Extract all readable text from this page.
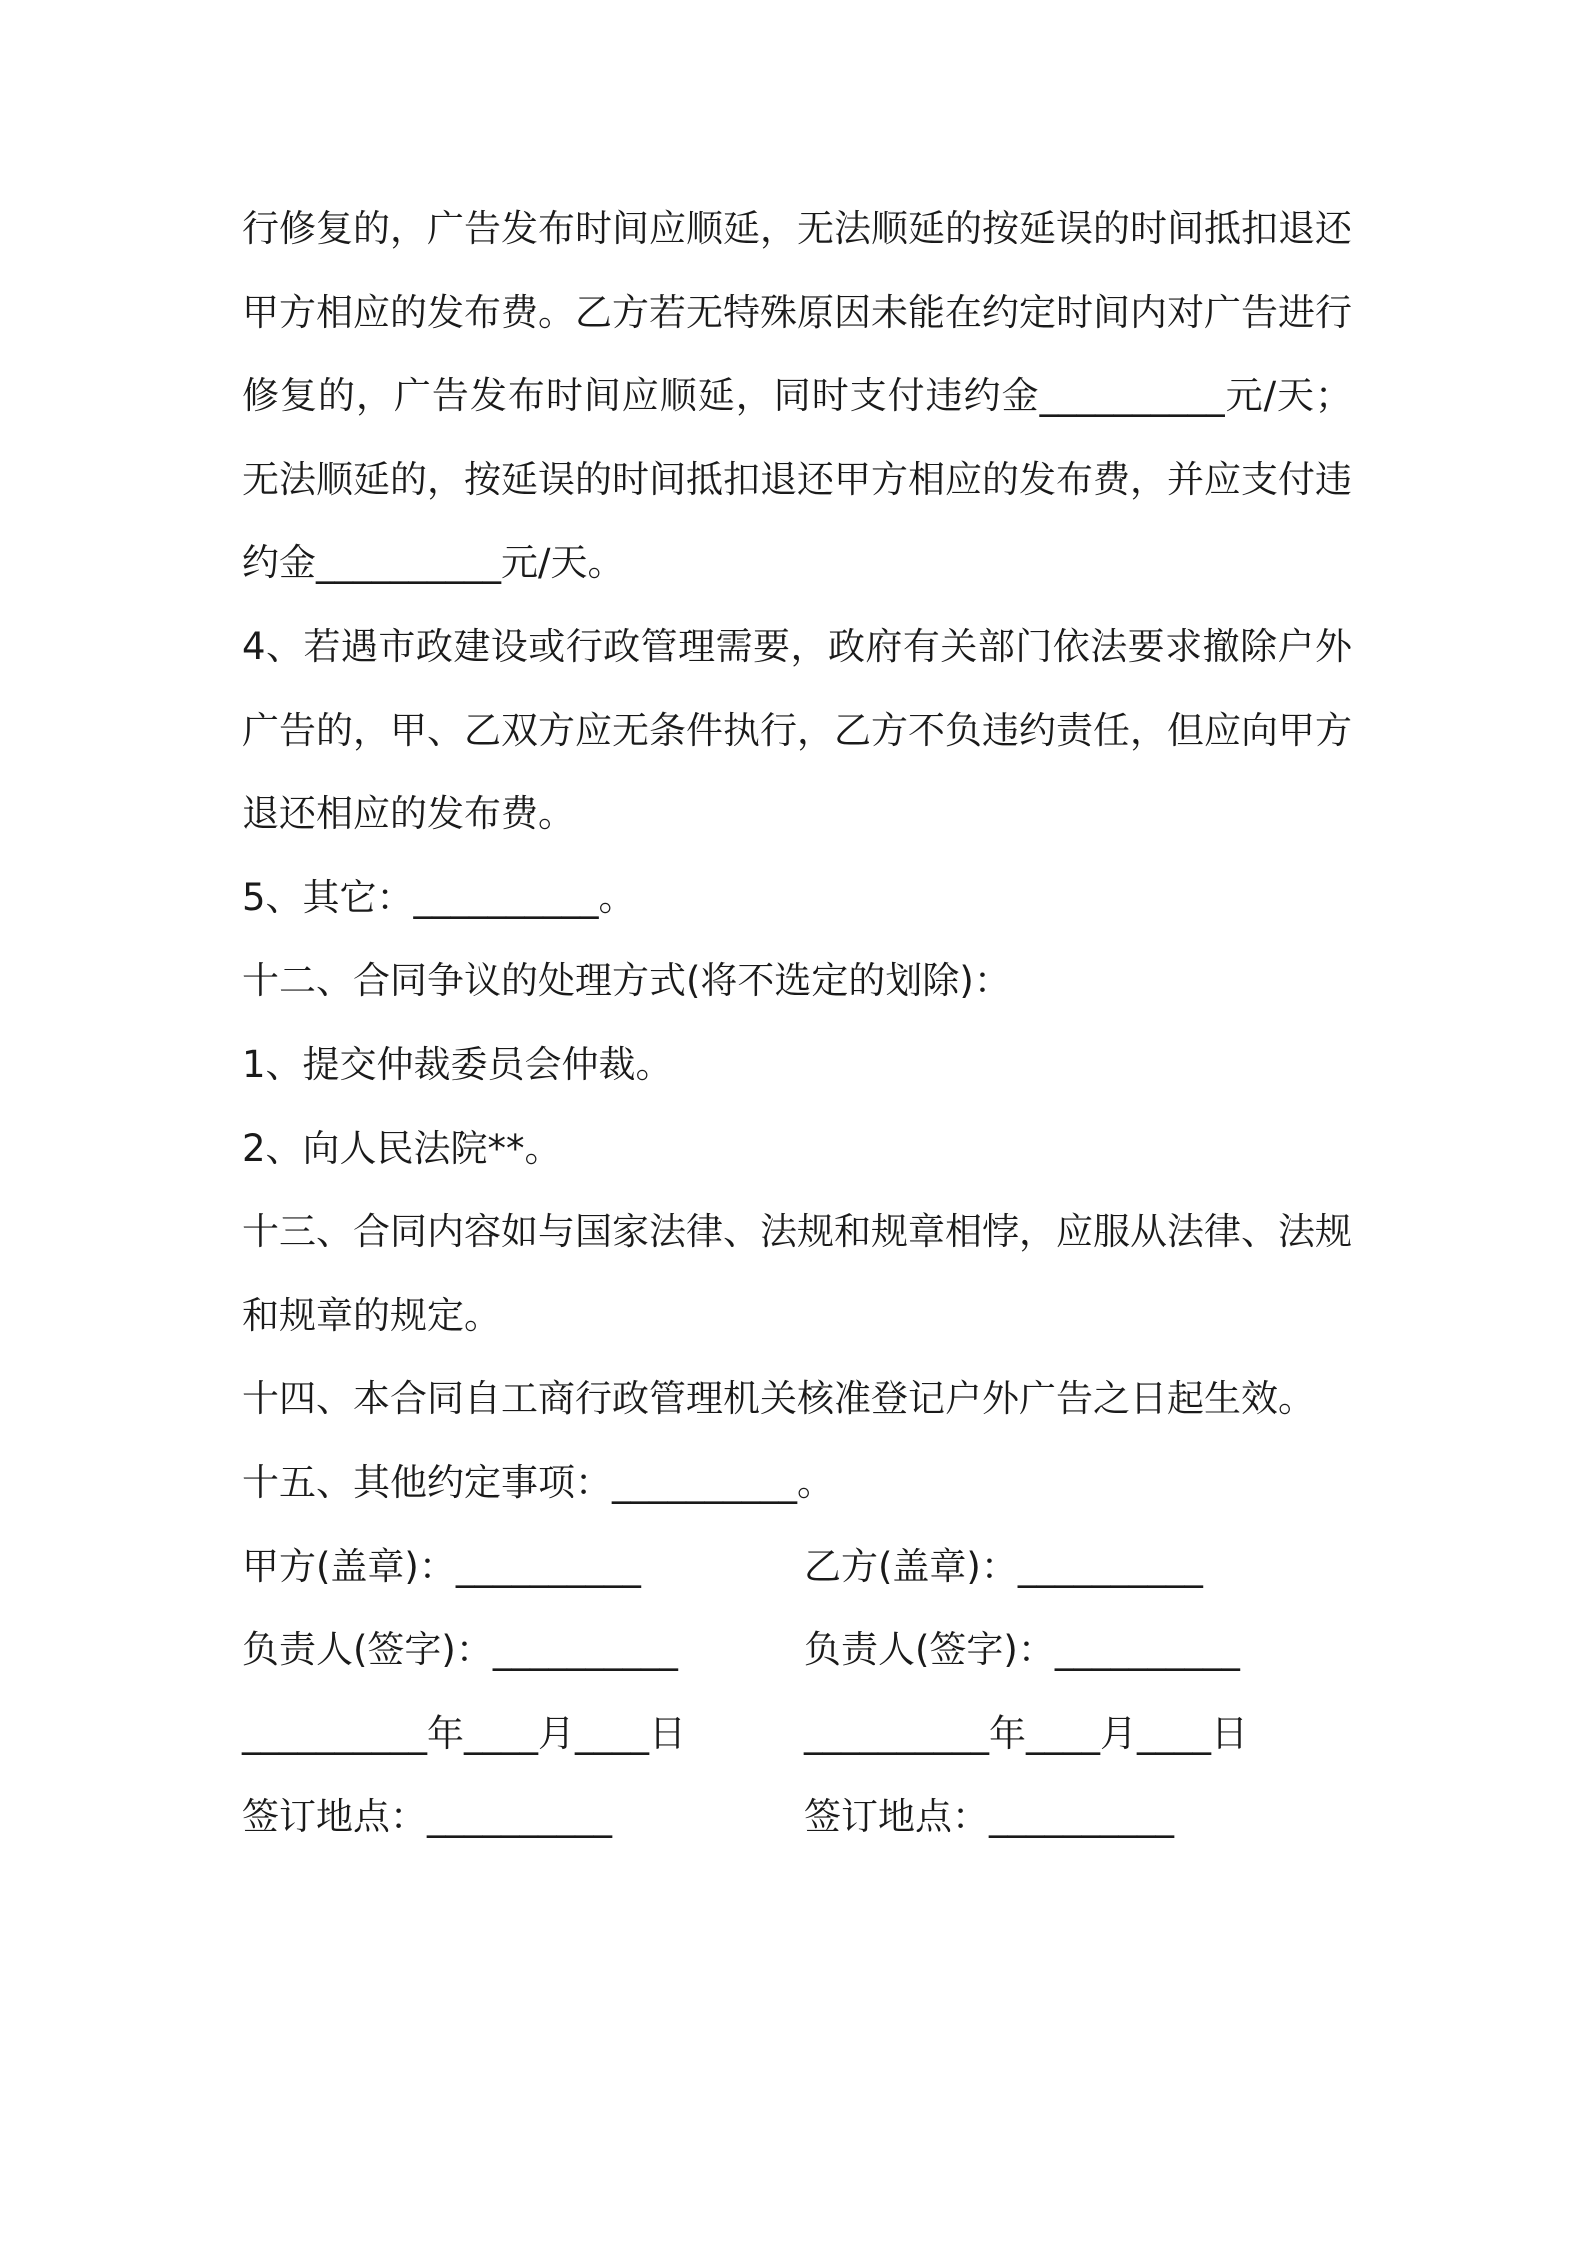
行修复的，广告发布时间应顺延，无法顺延的按延误的时间抵扣退还
甲方相应的发布费。乙方若无特殊原因未能在约定时间内对广告进行
修复的，广告发布时间应顺延，同时支付违约金__________元/天；
无法顺延的，按延误的时间抵扣退还甲方相应的发布费，并应支付违
约金__________元/天。
4、若遇市政建设或行政管理需要，政府有关部门依法要求撤除户外
广告的，甲、乙双方应无条件执行，乙方不负违约责任，但应向甲方
退还相应的发布费。
5、其它：__________。
十二、合同争议的处理方式(将不选定的划除)：
1、提交仲裁委员会仲裁。
2、向人民法院**。
十三、合同内容如与国家法律、法规和规章相悖，应服从法律、法规
和规章的规定。
十四、本合同自工商行政管理机关核准登记户外广告之日起生效。
十五、其他约定事项：__________。
甲方(盖章)：__________	乙方(盖章)：__________
负责人(签字)：__________	负责人(签字)：__________
__________年____月____日	__________年____月____日
签订地点：__________	签订地点：__________
